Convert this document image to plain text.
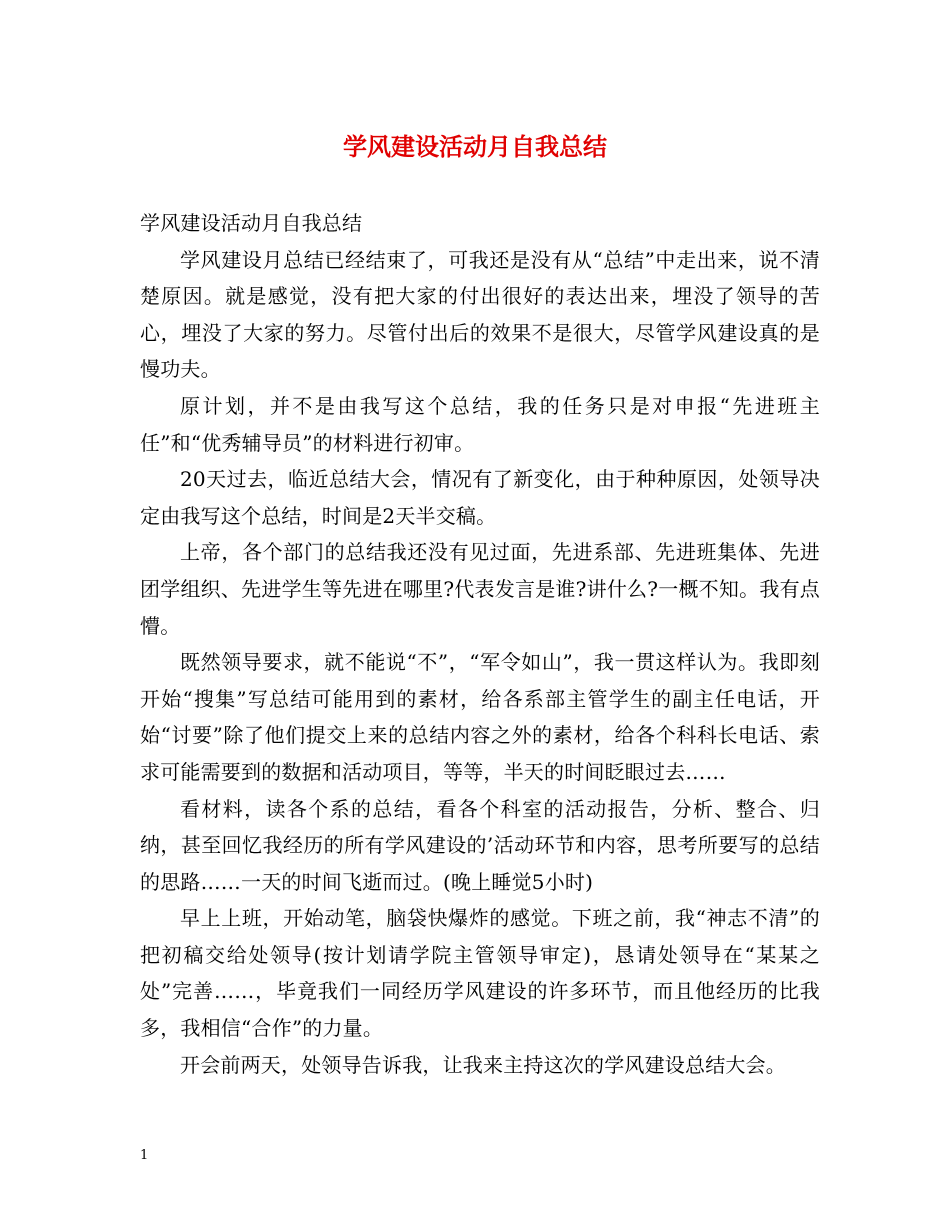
学风建设活动月自我总结

学风建设活动月自我总结

学风建设月总结已经结束了，可我还是没有从“总结”中走出来，说不清楚原因。就是感觉，没有把大家的付出很好的表达出来，埋没了领导的苦心，埋没了大家的努力。尽管付出后的效果不是很大，尽管学风建设真的是慢功夫。

原计划，并不是由我写这个总结，我的任务只是对申报“先进班主任”和“优秀辅导员”的材料进行初审。

20天过去，临近总结大会，情况有了新变化，由于种种原因，处领导决定由我写这个总结，时间是2天半交稿。

上帝，各个部门的总结我还没有见过面，先进系部、先进班集体、先进团学组织、先进学生等先进在哪里?代表发言是谁?讲什么?一概不知。我有点懵。

既然领导要求，就不能说“不”，“军令如山”，我一贯这样认为。我即刻开始“搜集”写总结可能用到的素材，给各系部主管学生的副主任电话，开始“讨要”除了他们提交上来的总结内容之外的素材，给各个科科长电话、索求可能需要到的数据和活动项目，等等，半天的时间眨眼过去……

看材料，读各个系的总结，看各个科室的活动报告，分析、整合、归纳，甚至回忆我经历的所有学风建设的’活动环节和内容，思考所要写的总结的思路……一天的时间飞逝而过。(晚上睡觉5小时)

早上上班，开始动笔，脑袋快爆炸的感觉。下班之前，我“神志不清”的把初稿交给处领导(按计划请学院主管领导审定)，恳请处领导在“某某之处”完善……，毕竟我们一同经历学风建设的许多环节，而且他经历的比我多，我相信“合作”的力量。

开会前两天，处领导告诉我，让我来主持这次的学风建设总结大会。

1
